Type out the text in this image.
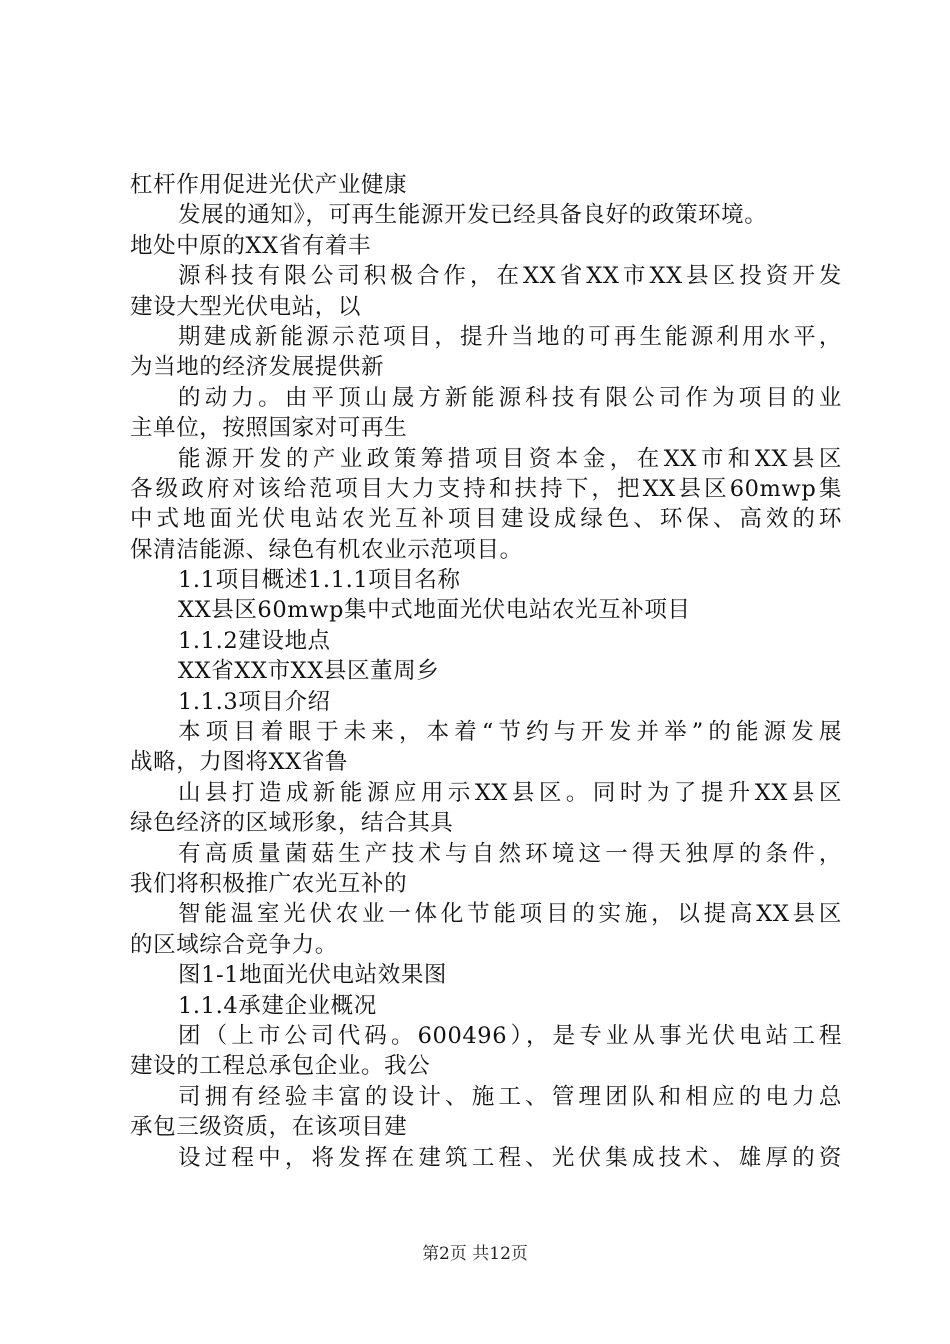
杠杆作用促进光伏产业健康
发展的通知》，可再生能源开发已经具备良好的政策环境。
地处中原的XX省有着丰
源科技有限公司积极合作，在XX省XX市XX县区投资开发
建设大型光伏电站，以
期建成新能源示范项目，提升当地的可再生能源利用水平，
为当地的经济发展提供新
的动力。由平顶山晟方新能源科技有限公司作为项目的业
主单位，按照国家对可再生
能源开发的产业政策筹措项目资本金，在XX市和XX县区
各级政府对该给范项目大力支持和扶持下，把XX县区60mwp集
中式地面光伏电站农光互补项目建设成绿色、环保、高效的环
保清洁能源、绿色有机农业示范项目。
1.1项目概述1.1.1项目名称
XX县区60mwp集中式地面光伏电站农光互补项目
1.1.2建设地点
XX省XX市XX县区董周乡
1.1.3项目介绍
本项目着眼于未来，本着“节约与开发并举”的能源发展
战略，力图将XX省鲁
山县打造成新能源应用示XX县区。同时为了提升XX县区
绿色经济的区域形象，结合其具
有高质量菌菇生产技术与自然环境这一得天独厚的条件，
我们将积极推广农光互补的
智能温室光伏农业一体化节能项目的实施，以提高XX县区
的区域综合竞争力。
图1-1地面光伏电站效果图
1.1.4承建企业概况
团（上市公司代码。600496），是专业从事光伏电站工程
建设的工程总承包企业。我公
司拥有经验丰富的设计、施工、管理团队和相应的电力总
承包三级资质，在该项目建
设过程中，将发挥在建筑工程、光伏集成技术、雄厚的资
第2页 共12页
